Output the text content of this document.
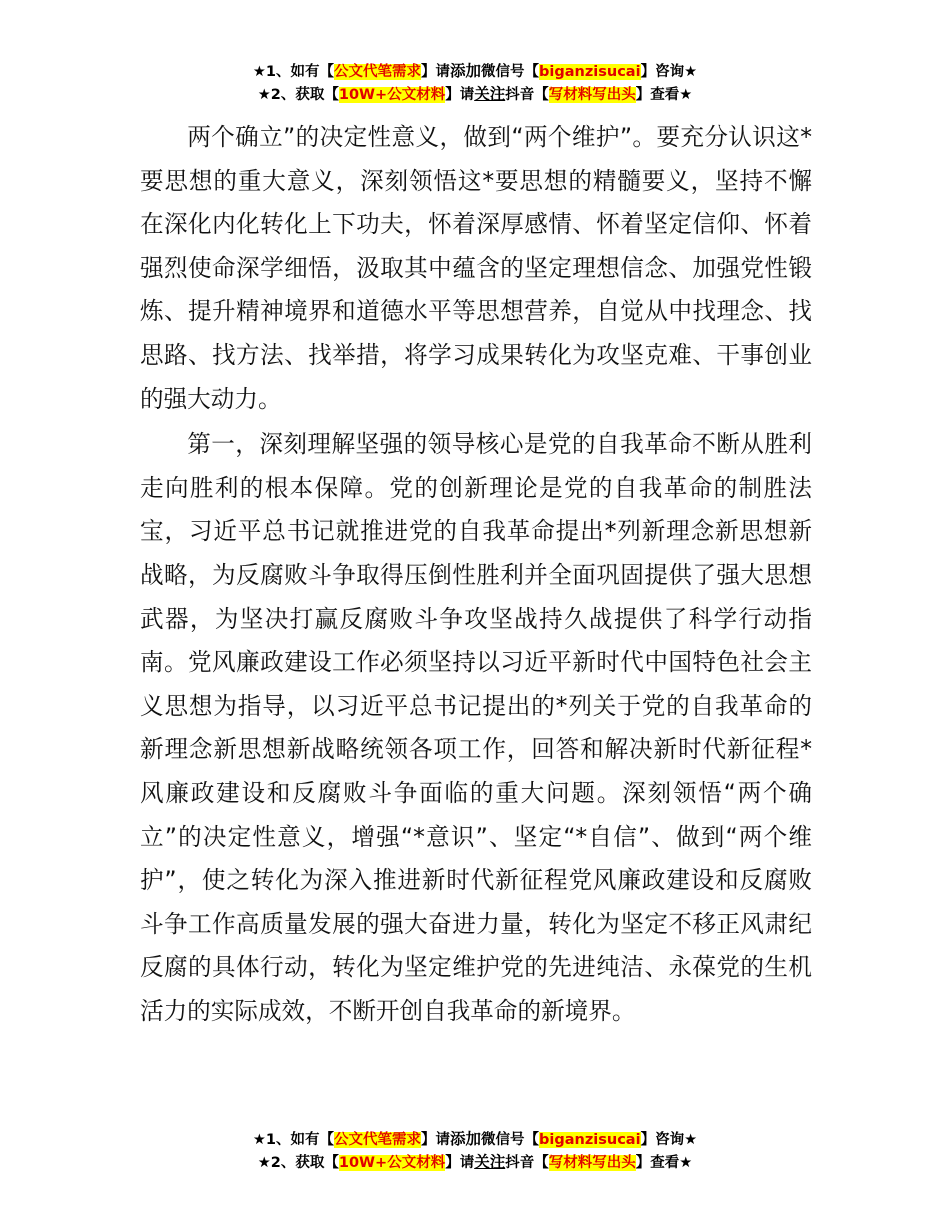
★1、如有【公文代笔需求】请添加微信号【biganzisucai】咨询★
★2、获取【10W+公文材料】请关注抖音【写材料写出头】查看★

两个确立”的决定性意义，做到“两个维护”。要充分认识这*要思想的重大意义，深刻领悟这*要思想的精髓要义，坚持不懈在深化内化转化上下功夫，怀着深厚感情、怀着坚定信仰、怀着强烈使命深学细悟，汲取其中蕴含的坚定理想信念、加强党性锻炼、提升精神境界和道德水平等思想营养，自觉从中找理念、找思路、找方法、找举措，将学习成果转化为攻坚克难、干事创业的强大动力。

第一，深刻理解坚强的领导核心是党的自我革命不断从胜利走向胜利的根本保障。党的创新理论是党的自我革命的制胜法宝，习近平总书记就推进党的自我革命提出*列新理念新思想新战略，为反腐败斗争取得压倒性胜利并全面巩固提供了强大思想武器，为坚决打赢反腐败斗争攻坚战持久战提供了科学行动指南。党风廉政建设工作必须坚持以习近平新时代中国特色社会主义思想为指导，以习近平总书记提出的*列关于党的自我革命的新理念新思想新战略统领各项工作，回答和解决新时代新征程*风廉政建设和反腐败斗争面临的重大问题。深刻领悟“两个确立”的决定性意义，增强“*意识”、坚定“*自信”、做到“两个维护”，使之转化为深入推进新时代新征程党风廉政建设和反腐败斗争工作高质量发展的强大奋进力量，转化为坚定不移正风肃纪反腐的具体行动，转化为坚定维护党的先进纯洁、永葆党的生机活力的实际成效，不断开创自我革命的新境界。

★1、如有【公文代笔需求】请添加微信号【biganzisucai】咨询★
★2、获取【10W+公文材料】请关注抖音【写材料写出头】查看★
